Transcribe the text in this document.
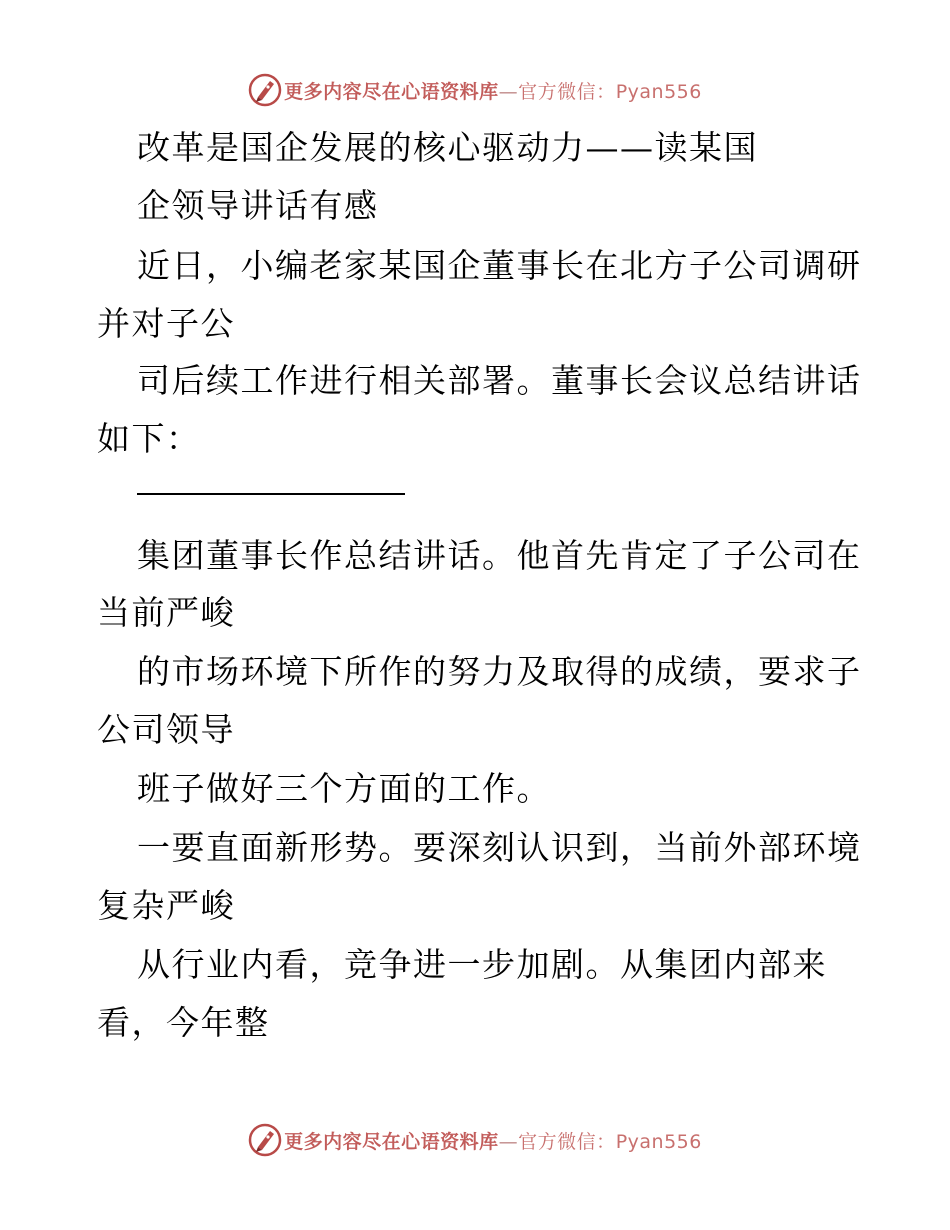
更多内容尽在心语资料库—官方微信：Pyan556
改革是国企发展的核心驱动力——读某国
企领导讲话有感
近日，小编老家某国企董事长在北方子公司调研
并对子公
司后续工作进行相关部署。董事长会议总结讲话
如下：
集团董事长作总结讲话。他首先肯定了子公司在
当前严峻
的市场环境下所作的努力及取得的成绩，要求子
公司领导
班子做好三个方面的工作。
一要直面新形势。要深刻认识到，当前外部环境
复杂严峻
从行业内看，竞争进一步加剧。从集团内部来
看，今年整
更多内容尽在心语资料库—官方微信：Pyan556
